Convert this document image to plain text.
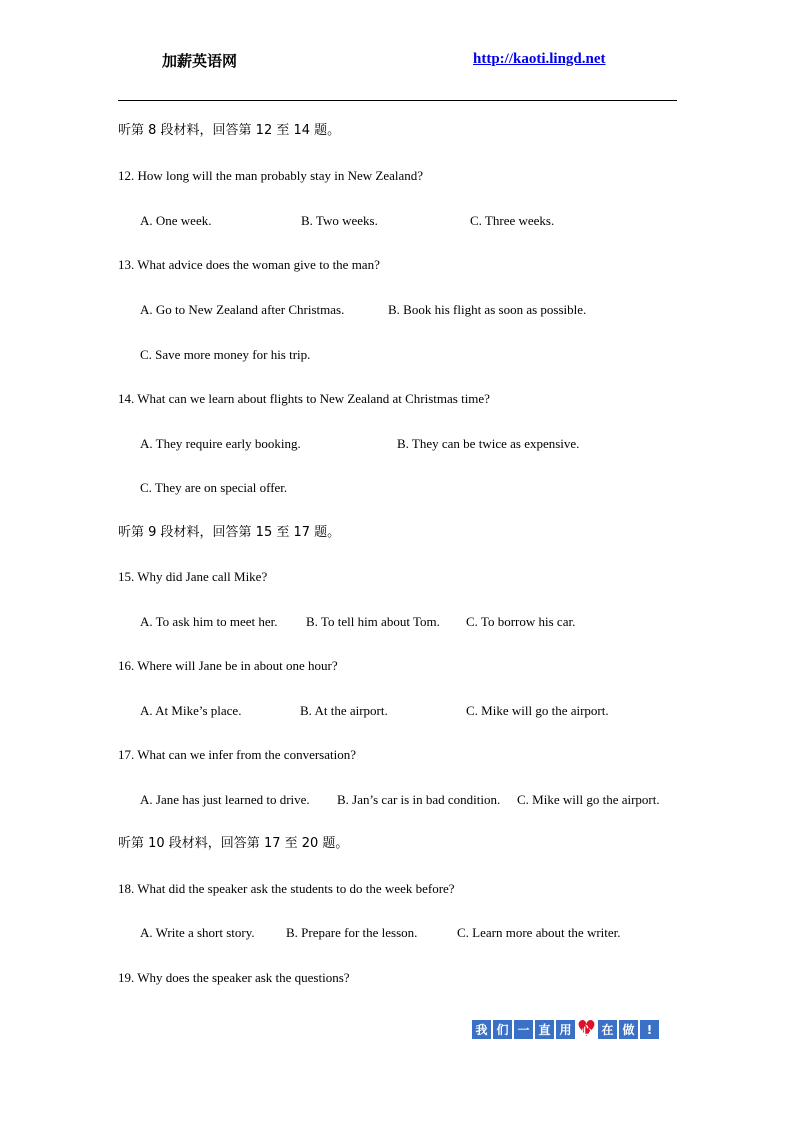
加薪英语网	http://kaoti.lingd.net
听第 8 段材料，回答第 12 至 14 题。
12. How long will the man probably stay in New Zealand?
A. One week.	B. Two weeks.	C. Three weeks.
13. What advice does the woman give to the man?
A. Go to New Zealand after Christmas.	B. Book his flight as soon as possible.
C. Save more money for his trip.
14. What can we learn about flights to New Zealand at Christmas time?
A. They require early booking.	B. They can be twice as expensive.
C. They are on special offer.
听第 9 段材料，回答第 15 至 17 题。
15. Why did Jane call Mike?
A. To ask him to meet her. B. To tell him about Tom. C. To borrow his car.
16. Where will Jane be in about one hour?
A. At Mike’s place.	B. At the airport.	C. Mike will go the airport.
17. What can we infer from the conversation?
A. Jane has just learned to drive. B. Jan’s car is in bad condition. C. Mike will go the airport.
听第 10 段材料，回答第 17 至 20 题。
18. What did the speaker ask the students to do the week before?
A. Write a short story. B. Prepare for the lesson.	C. Learn more about the writer.
19. Why does the speaker ask the questions?
我 们 一 直 用
♥ 心 在 做	!
